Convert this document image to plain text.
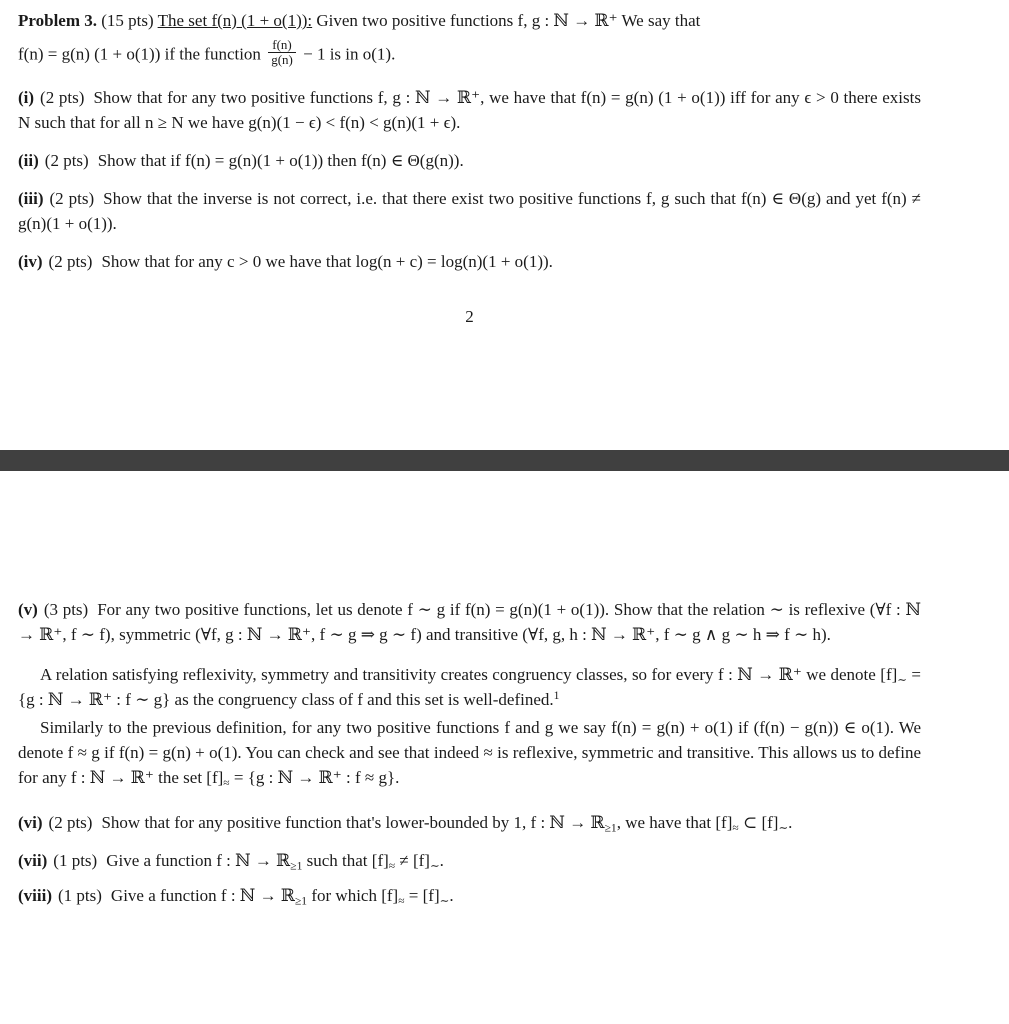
Problem 3. (15 pts) The set f(n) (1 + o(1)): Given two positive functions f, g : ℕ → ℝ⁺ We say that

f(n) = g(n) (1 + o(1)) if the function $\frac{f(n)}{g(n)} - 1$ is in o(1).

(i) (2 pts) Show that for any two positive functions f, g : ℕ → ℝ⁺, we have that f(n) = g(n) (1 + o(1)) iff for any ϵ > 0 there exists N such that for all n ≥ N we have g(n)(1 − ϵ) < f(n) < g(n)(1 + ϵ).

(ii) (2 pts) Show that if f(n) = g(n)(1 + o(1)) then f(n) ∈ Θ(g(n)).

(iii) (2 pts) Show that the inverse is not correct, i.e. that there exist two positive functions f, g such that f(n) ∈ Θ(g) and yet f(n) ≠ g(n)(1 + o(1)).

(iv) (2 pts) Show that for any c > 0 we have that log(n + c) = log(n)(1 + o(1)).

2

(v) (3 pts) For any two positive functions, let us denote f ∼ g if f(n) = g(n)(1 + o(1)). Show that the relation ∼ is reflexive (∀f : ℕ → ℝ⁺, f ∼ f), symmetric (∀f, g : ℕ → ℝ⁺, f ∼ g ⇒ g ∼ f) and transitive (∀f, g, h : ℕ → ℝ⁺, f ∼ g ∧ g ∼ h ⇒ f ∼ h).

A relation satisfying reflexivity, symmetry and transitivity creates congruency classes, so for every f : ℕ → ℝ⁺ we denote $[f]_\sim = \{g$ : ℕ → ℝ⁺ : f ∼ g} as the congruency class of f and this set is well-defined.$^1$

Similarly to the previous definition, for any two positive functions f and g we say f(n) = g(n) + o(1) if (f(n) − g(n)) ∈ o(1). We denote f ≈ g if f(n) = g(n) + o(1). You can check and see that indeed ≈ is reflexive, symmetric and transitive. This allows us to define for any f : ℕ → ℝ⁺ the set $[f]_\approx = \{g$ : ℕ → ℝ⁺ : f ≈ g}.

(vi) (2 pts) Show that for any positive function that's lower-bounded by 1, f : ℕ → ℝ$_{\ge 1}$, we have that $[f]_\approx$ ⊂ $[f]_\sim$.

(vii) (1 pts) Give a function f : ℕ → ℝ$_{\ge 1}$ such that $[f]_\approx \ne [f]_\sim$.

(viii) (1 pts) Give a function f : ℕ → ℝ$_{\ge 1}$ for which $[f]_\approx = [f]_\sim$.
